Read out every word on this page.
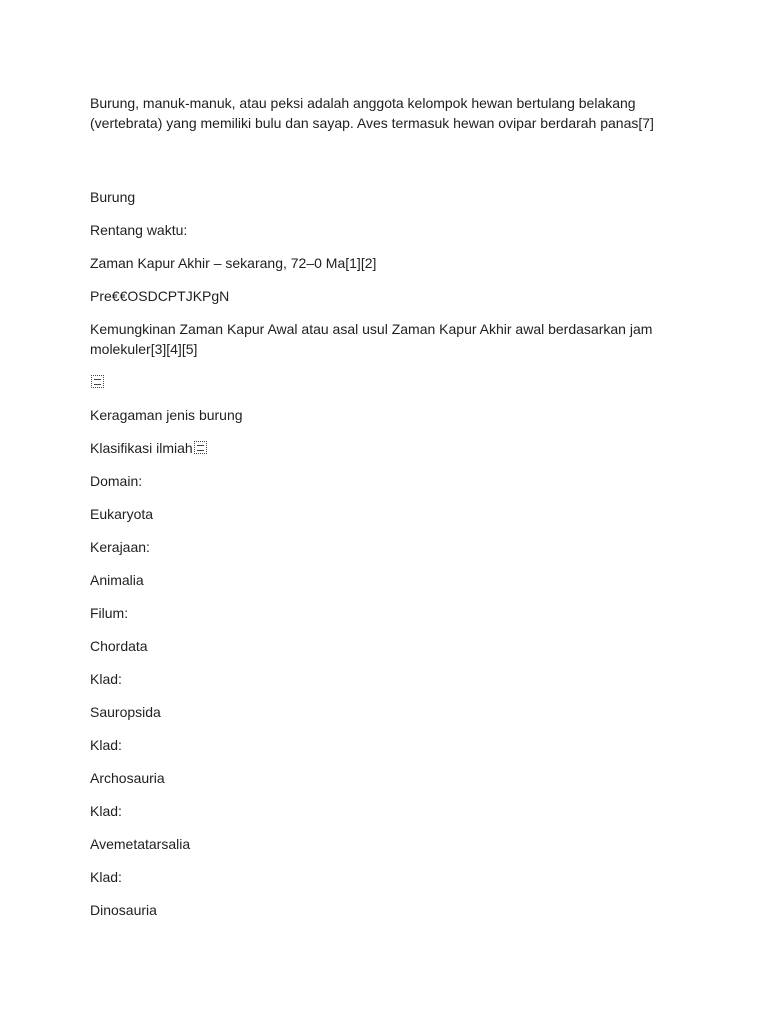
Burung, manuk-manuk, atau peksi adalah anggota kelompok hewan bertulang belakang (vertebrata) yang memiliki bulu dan sayap. Aves termasuk hewan ovipar berdarah panas[7]

Burung
Rentang waktu:
Zaman Kapur Akhir – sekarang, 72–0 Ma[1][2]
Pre€€OSDCPTJKPgN
Kemungkinan Zaman Kapur Awal atau asal usul Zaman Kapur Akhir awal berdasarkan jam molekuler[3][4][5]
Keragaman jenis burung
Klasifikasi ilmiah
Domain:
Eukaryota
Kerajaan:
Animalia
Filum:
Chordata
Klad:
Sauropsida
Klad:
Archosauria
Klad:
Avemetatarsalia
Klad:
Dinosauria
